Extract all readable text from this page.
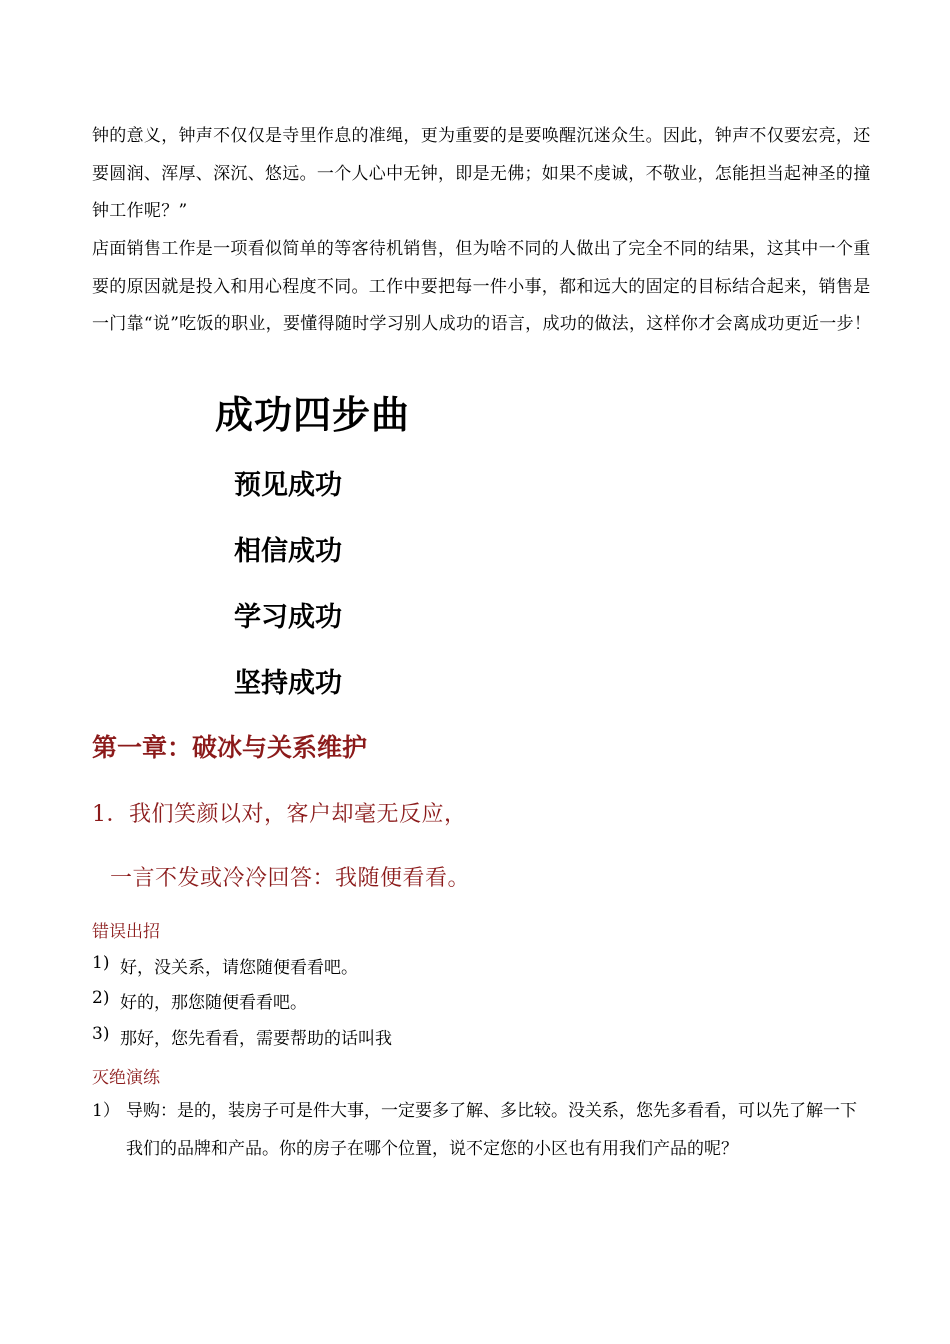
钟的意义，钟声不仅仅是寺里作息的准绳，更为重要的是要唤醒沉迷众生。因此，钟声不仅要宏亮，还要圆润、浑厚、深沉、悠远。一个人心中无钟，即是无佛；如果不虔诚，不敬业，怎能担当起神圣的撞钟工作呢？”

店面销售工作是一项看似简单的等客待机销售，但为啥不同的人做出了完全不同的结果，这其中一个重要的原因就是投入和用心程度不同。工作中要把每一件小事，都和远大的固定的目标结合起来，销售是一门靠“说”吃饭的职业，要懂得随时学习别人成功的语言，成功的做法，这样你才会离成功更近一步！

成功四步曲
预见成功
相信成功
学习成功
坚持成功
第一章：破冰与关系维护

1．我们笑颜以对，客户却毫无反应，

一言不发或冷冷回答：我随便看看。

错误出招

1) 好，没关系，请您随便看看吧。
2) 好的，那您随便看看吧。
3) 那好，您先看看，需要帮助的话叫我

灭绝演练

1） 导购：是的，装房子可是件大事，一定要多了解、多比较。没关系，您先多看看，可以先了解一下我们的品牌和产品。你的房子在哪个位置，说不定您的小区也有用我们产品的呢？
